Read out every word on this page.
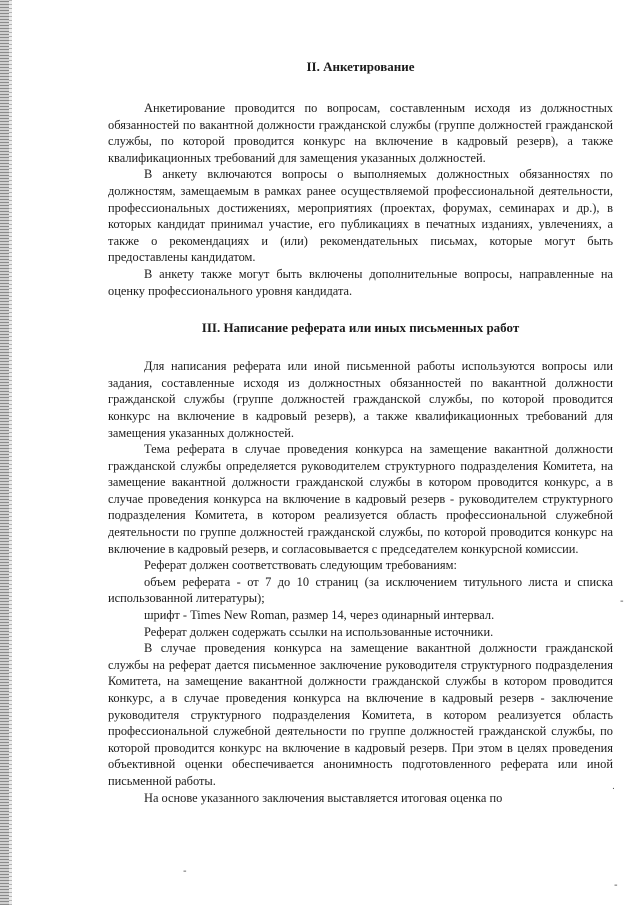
II. Анкетирование

Анкетирование проводится по вопросам, составленным исходя из должностных обязанностей по вакантной должности гражданской службы (группе должностей гражданской службы, по которой проводится конкурс на включение в кадровый резерв), а также квалификационных требований для замещения указанных должностей.

В анкету включаются вопросы о выполняемых должностных обязанностях по должностям, замещаемым в рамках ранее осуществляемой профессиональной деятельности, профессиональных достижениях, мероприятиях (проектах, форумах, семинарах и др.), в которых кандидат принимал участие, его публикациях в печатных изданиях, увлечениях, а также о рекомендациях и (или) рекомендательных письмах, которые могут быть предоставлены кандидатом.

В анкету также могут быть включены дополнительные вопросы, направленные на оценку профессионального уровня кандидата.

III. Написание реферата или иных письменных работ

Для написания реферата или иной письменной работы используются вопросы или задания, составленные исходя из должностных обязанностей по вакантной должности гражданской службы (группе должностей гражданской службы, по которой проводится конкурс на включение в кадровый резерв), а также квалификационных требований для замещения указанных должностей.

Тема реферата в случае проведения конкурса на замещение вакантной должности гражданской службы определяется руководителем структурного подразделения Комитета, на замещение вакантной должности гражданской службы в котором проводится конкурс, а в случае проведения конкурса на включение в кадровый резерв - руководителем структурного подразделения Комитета, в котором реализуется область профессиональной служебной деятельности по группе должностей гражданской службы, по которой проводится конкурс на включение в кадровый резерв, и согласовывается с председателем конкурсной комиссии.

Реферат должен соответствовать следующим требованиям:

объем реферата - от 7 до 10 страниц (за исключением титульного листа и списка использованной литературы);

шрифт - Times New Roman, размер 14, через одинарный интервал.

Реферат должен содержать ссылки на использованные источники.

В случае проведения конкурса на замещение вакантной должности гражданской службы на реферат дается письменное заключение руководителя структурного подразделения Комитета, на замещение вакантной должности гражданской службы в котором проводится конкурс, а в случае проведения конкурса на включение в кадровый резерв - заключение руководителя структурного подразделения Комитета, в котором реализуется область профессиональной служебной деятельности по группе должностей гражданской службы, по которой проводится конкурс на включение в кадровый резерв. При этом в целях проведения объективной оценки обеспечивается анонимность подготовленного реферата или иной письменной работы.

На основе указанного заключения выставляется итоговая оценка по

-
.
-
-
